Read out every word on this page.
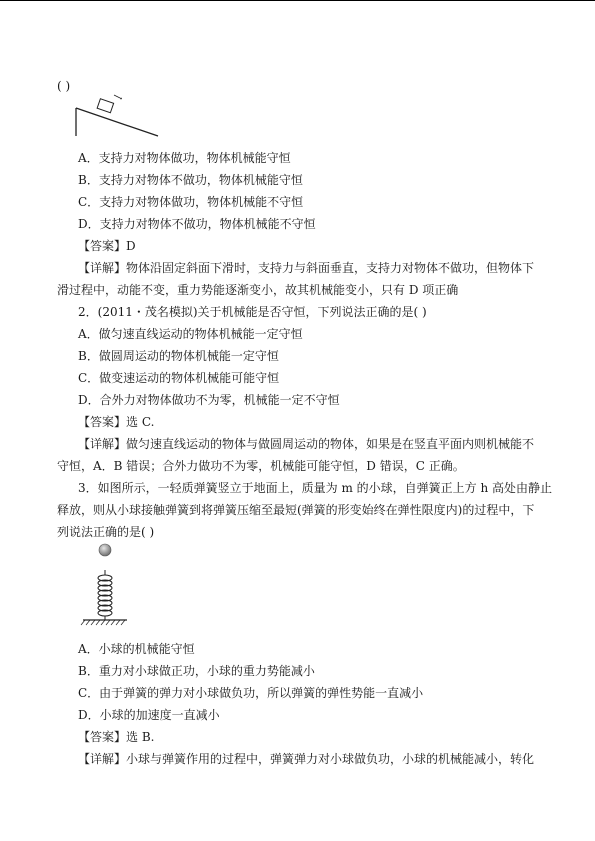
( )
A．支持力对物体做功，物体机械能守恒
B．支持力对物体不做功，物体机械能守恒
C．支持力对物体做功，物体机械能不守恒
D．支持力对物体不做功，物体机械能不守恒
【答案】D
【详解】物体沿固定斜面下滑时，支持力与斜面垂直，支持力对物体不做功，但物体下
滑过程中，动能不变，重力势能逐渐变小，故其机械能变小，只有 D 项正确
2．(2011・茂名模拟)关于机械能是否守恒，下列说法正确的是( )
A．做匀速直线运动的物体机械能一定守恒
B．做圆周运动的物体机械能一定守恒
C．做变速运动的物体机械能可能守恒
D．合外力对物体做功不为零，机械能一定不守恒
【答案】选 C.
【详解】做匀速直线运动的物体与做圆周运动的物体，如果是在竖直平面内则机械能不
守恒，A．B 错误；合外力做功不为零，机械能可能守恒，D 错误，C 正确。
3．如图所示，一轻质弹簧竖立于地面上，质量为 m 的小球，自弹簧正上方 h 高处由静止
释放，则从小球接触弹簧到将弹簧压缩至最短(弹簧的形变始终在弹性限度内)的过程中，下
列说法正确的是( )
A．小球的机械能守恒
B．重力对小球做正功，小球的重力势能减小
C．由于弹簧的弹力对小球做负功，所以弹簧的弹性势能一直减小
D．小球的加速度一直减小
【答案】选 B.
【详解】小球与弹簧作用的过程中，弹簧弹力对小球做负功，小球的机械能减小，转化
